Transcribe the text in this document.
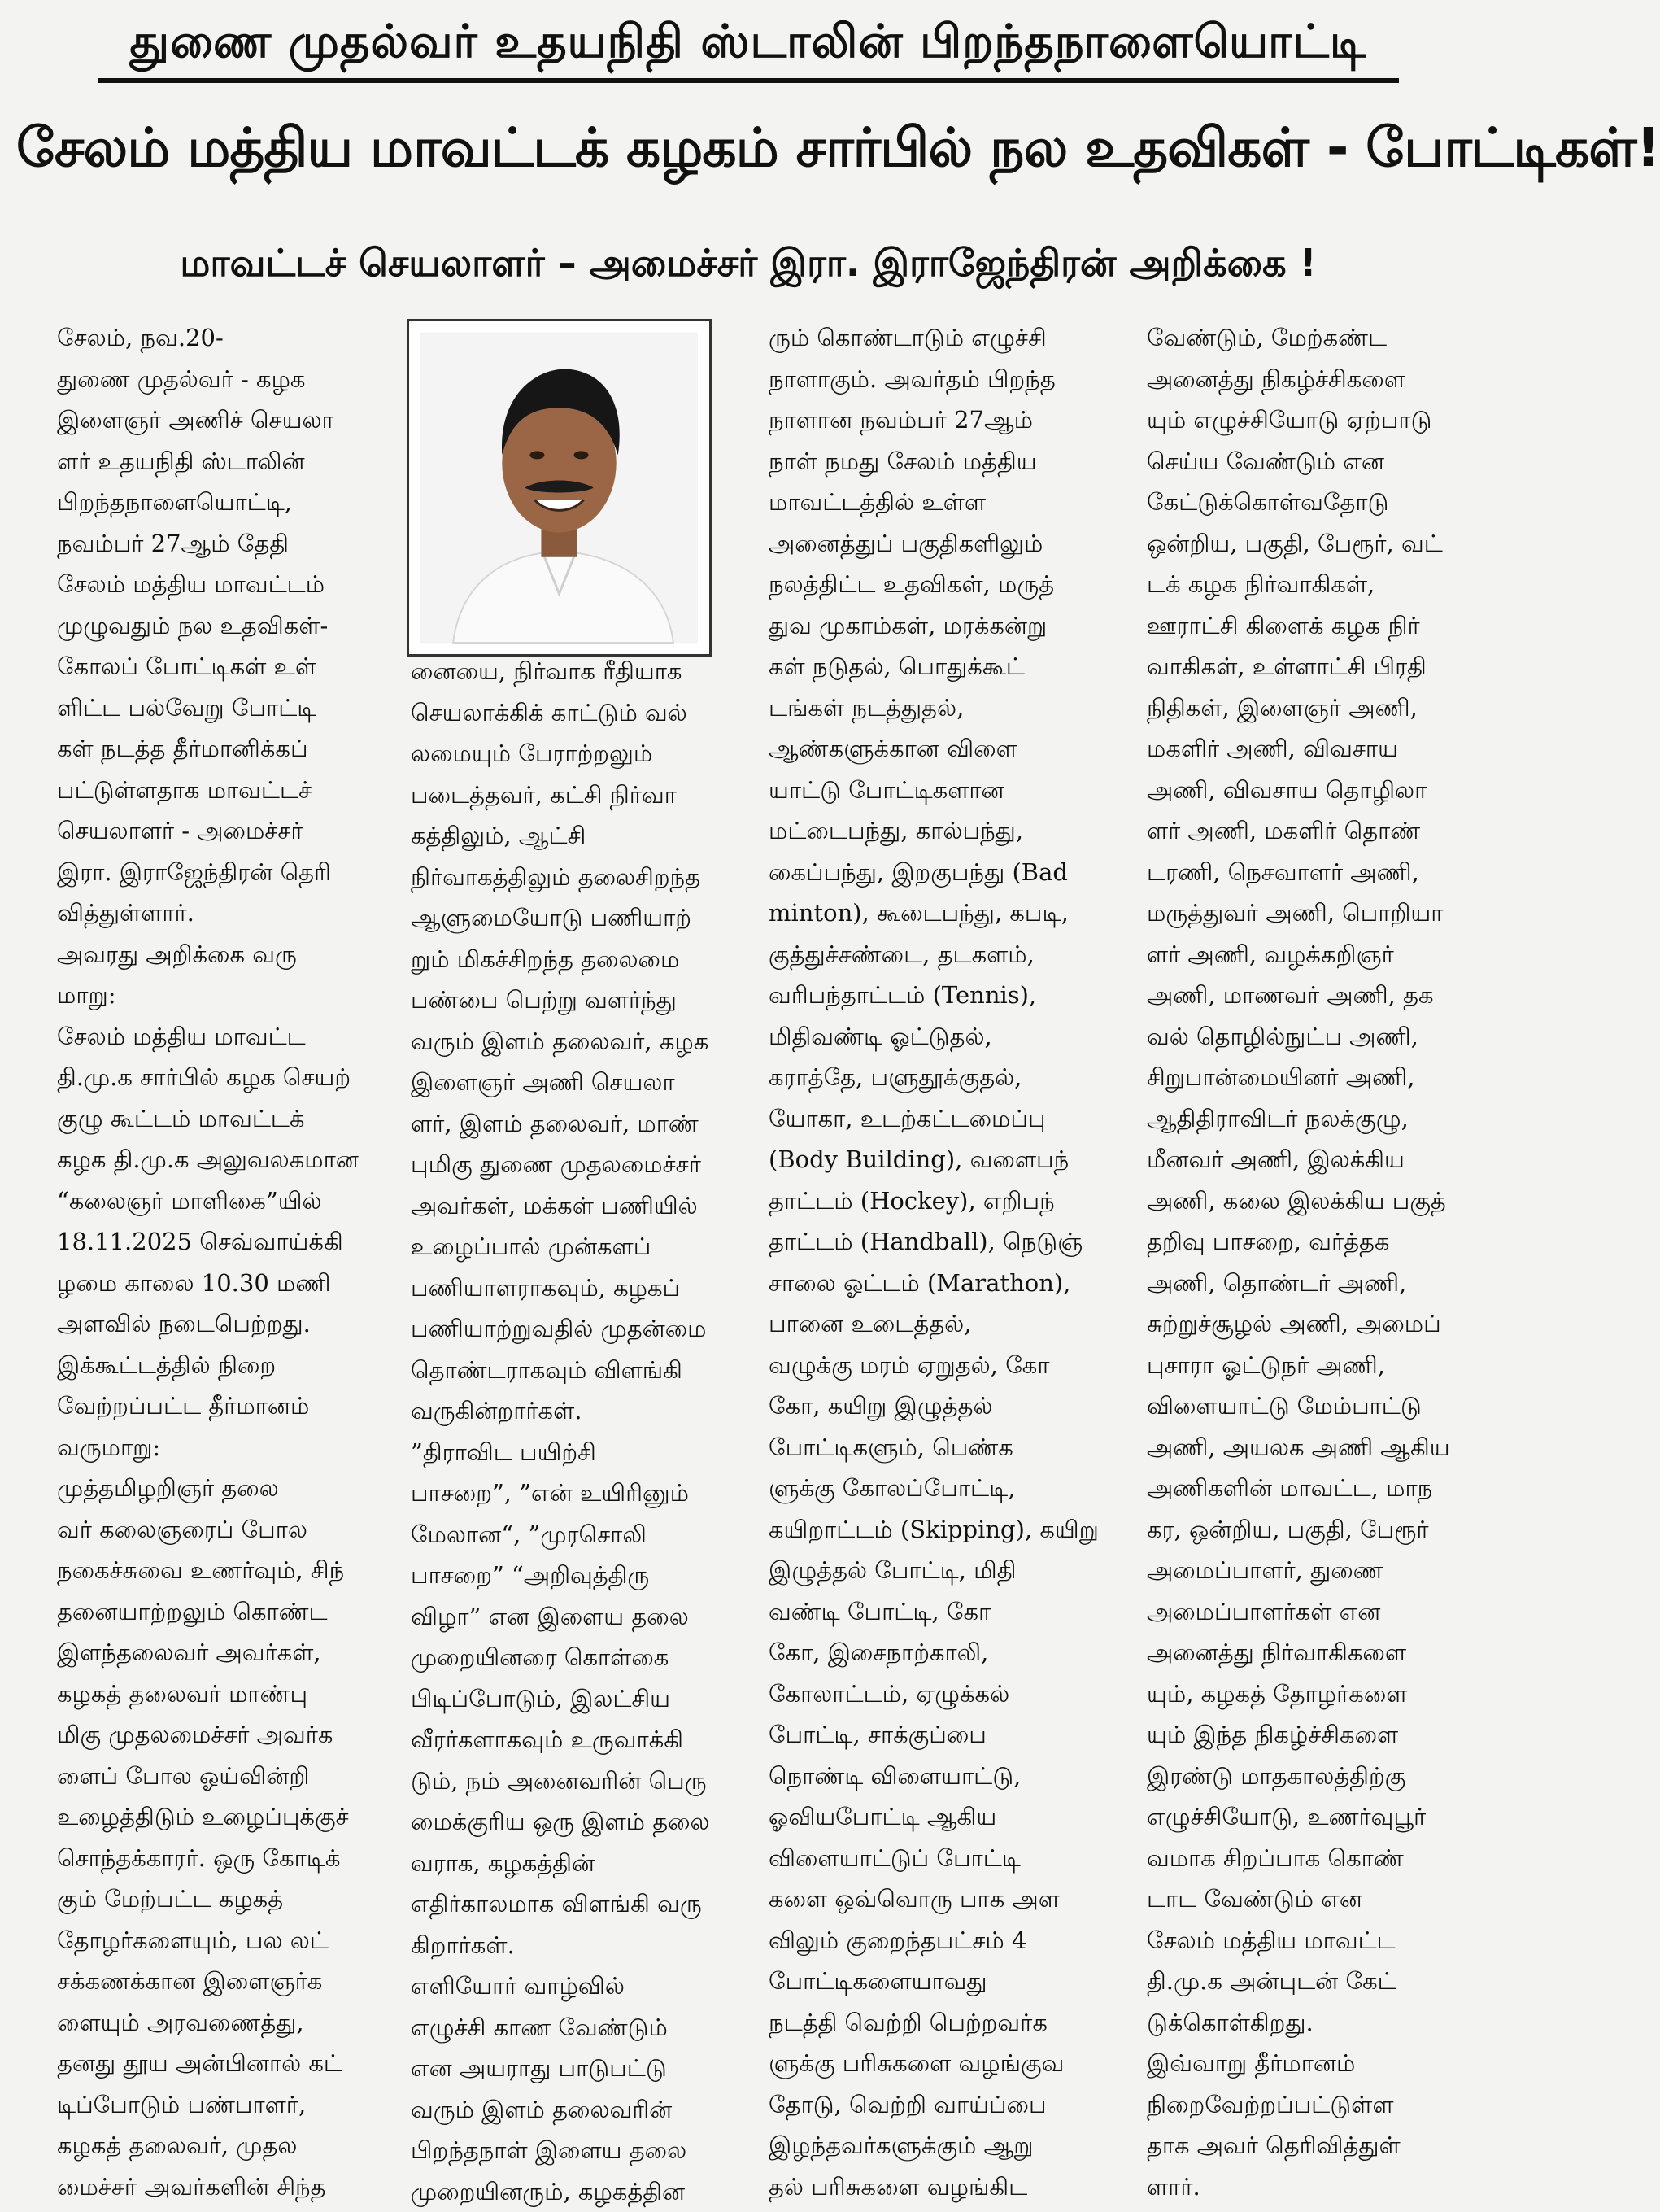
துணை முதல்வர் உதயநிதி ஸ்டாலின் பிறந்தநாளையொட்டி
சேலம் மத்திய மாவட்டக் கழகம் சார்பில் நல உதவிகள் - போட்டிகள்!
மாவட்டச் செயலாளர் – அமைச்சர் இரா. இராஜேந்திரன் அறிக்கை !
சேலம், நவ.20-
துணை முதல்வர் - கழக
இளைஞர் அணிச் செயலா
ளர் உதயநிதி ஸ்டாலின்
பிறந்தநாளையொட்டி,
நவம்பர் 27ஆம் தேதி
சேலம் மத்திய மாவட்டம்
முழுவதும் நல உதவிகள்-
கோலப் போட்டிகள் உள்
ளிட்ட பல்வேறு போட்டி
கள் நடத்த தீர்மானிக்கப்
பட்டுள்ளதாக மாவட்டச்
செயலாளர் - அமைச்சர்
இரா. இராஜேந்திரன் தெரி
வித்துள்ளார்.
அவரது அறிக்கை வரு
மாறு:
சேலம் மத்திய மாவட்ட
தி.மு.க சார்பில் கழக செயற்
குழு கூட்டம் மாவட்டக்
கழக தி.மு.க அலுவலகமான
“கலைஞர் மாளிகை”யில்
18.11.2025 செவ்வாய்க்கி
ழமை காலை 10.30 மணி
அளவில் நடைபெற்றது.
இக்கூட்டத்தில் நிறை
வேற்றப்பட்ட தீர்மானம்
வருமாறு:
முத்தமிழறிஞர் தலை
வர் கலைஞரைப் போல
நகைச்சுவை உணர்வும், சிந்
தனையாற்றலும் கொண்ட
இளந்தலைவர் அவர்கள்,
கழகத் தலைவர் மாண்பு
மிகு முதலமைச்சர் அவர்க
ளைப் போல ஓய்வின்றி
உழைத்திடும் உழைப்புக்குச்
சொந்தக்காரர். ஒரு கோடிக்
கும் மேற்பட்ட கழகத்
தோழர்களையும், பல லட்
சக்கணக்கான இளைஞர்க
ளையும் அரவணைத்து,
தனது தூய அன்பினால் கட்
டிப்போடும் பண்பாளர்,
கழகத் தலைவர், முதல
மைச்சர் அவர்களின் சிந்த
னையை, நிர்வாக ரீதியாக
செயலாக்கிக் காட்டும் வல்
லமையும் பேராற்றலும்
படைத்தவர், கட்சி நிர்வா
கத்திலும், ஆட்சி
நிர்வாகத்திலும் தலைசிறந்த
ஆளுமையோடு பணியாற்
றும் மிகச்சிறந்த தலைமை
பண்பை பெற்று வளர்ந்து
வரும் இளம் தலைவர், கழக
இளைஞர் அணி செயலா
ளர், இளம் தலைவர், மாண்
புமிகு துணை முதலமைச்சர்
அவர்கள், மக்கள் பணியில்
உழைப்பால் முன்களப்
பணியாளராகவும், கழகப்
பணியாற்றுவதில் முதன்மை
தொண்டராகவும் விளங்கி
வருகின்றார்கள்.
”திராவிட பயிற்சி
பாசறை”, ”என் உயிரினும்
மேலான“, ”முரசொலி
பாசறை” “அறிவுத்திரு
விழா” என இளைய தலை
முறையினரை கொள்கை
பிடிப்போடும், இலட்சிய
வீரர்களாகவும் உருவாக்கி
டும், நம் அனைவரின் பெரு
மைக்குரிய ஒரு இளம் தலை
வராக, கழகத்தின்
எதிர்காலமாக விளங்கி வரு
கிறார்கள்.
எளியோர் வாழ்வில்
எழுச்சி காண வேண்டும்
என அயராது பாடுபட்டு
வரும் இளம் தலைவரின்
பிறந்தநாள் இளைய தலை
முறையினரும், கழகத்தின
ரும் கொண்டாடும் எழுச்சி
நாளாகும். அவர்தம் பிறந்த
நாளான நவம்பர் 27ஆம்
நாள் நமது சேலம் மத்திய
மாவட்டத்தில் உள்ள
அனைத்துப் பகுதிகளிலும்
நலத்திட்ட உதவிகள், மருத்
துவ முகாம்கள், மரக்கன்று
கள் நடுதல், பொதுக்கூட்
டங்கள் நடத்துதல்,
ஆண்களுக்கான விளை
யாட்டு போட்டிகளான
மட்டைபந்து, கால்பந்து,
கைப்பந்து, இறகுபந்து (Bad
minton), கூடைபந்து, கபடி,
குத்துச்சண்டை, தடகளம்,
வரிபந்தாட்டம் (Tennis),
மிதிவண்டி ஓட்டுதல்,
கராத்தே, பளுதூக்குதல்,
யோகா, உடற்கட்டமைப்பு
(Body Building), வளைபந்
தாட்டம் (Hockey), எறிபந்
தாட்டம் (Handball), நெடுஞ்
சாலை ஓட்டம் (Marathon),
பானை உடைத்தல்,
வழுக்கு மரம் ஏறுதல், கோ
கோ, கயிறு இழுத்தல்
போட்டிகளும், பெண்க
ளுக்கு கோலப்போட்டி,
கயிறாட்டம் (Skipping), கயிறு
இழுத்தல் போட்டி, மிதி
வண்டி போட்டி, கோ
கோ, இசைநாற்காலி,
கோலாட்டம், ஏழுக்கல்
போட்டி, சாக்குப்பை
நொண்டி விளையாட்டு,
ஓவியபோட்டி ஆகிய
விளையாட்டுப் போட்டி
களை ஒவ்வொரு பாக அள
விலும் குறைந்தபட்சம் 4
போட்டிகளையாவது
நடத்தி வெற்றி பெற்றவர்க
ளுக்கு பரிசுகளை வழங்குவ
தோடு, வெற்றி வாய்ப்பை
இழந்தவர்களுக்கும் ஆறு
தல் பரிசுகளை வழங்கிட
வேண்டும், மேற்கண்ட
அனைத்து நிகழ்ச்சிகளை
யும் எழுச்சியோடு ஏற்பாடு
செய்ய வேண்டும் என
கேட்டுக்கொள்வதோடு
ஒன்றிய, பகுதி, பேரூர், வட்
டக் கழக நிர்வாகிகள்,
ஊராட்சி கிளைக் கழக நிர்
வாகிகள், உள்ளாட்சி பிரதி
நிதிகள், இளைஞர் அணி,
மகளிர் அணி, விவசாய
அணி, விவசாய தொழிலா
ளர் அணி, மகளிர் தொண்
டரணி, நெசவாளர் அணி,
மருத்துவர் அணி, பொறியா
ளர் அணி, வழக்கறிஞர்
அணி, மாணவர் அணி, தக
வல் தொழில்நுட்ப அணி,
சிறுபான்மையினர் அணி,
ஆதிதிராவிடர் நலக்குழு,
மீனவர் அணி, இலக்கிய
அணி, கலை இலக்கிய பகுத்
தறிவு பாசறை, வர்த்தக
அணி, தொண்டர் அணி,
சுற்றுச்சூழல் அணி, அமைப்
புசாரா ஓட்டுநர் அணி,
விளையாட்டு மேம்பாட்டு
அணி, அயலக அணி ஆகிய
அணிகளின் மாவட்ட, மாந
கர, ஒன்றிய, பகுதி, பேரூர்
அமைப்பாளர், துணை
அமைப்பாளர்கள் என
அனைத்து நிர்வாகிகளை
யும், கழகத் தோழர்களை
யும் இந்த நிகழ்ச்சிகளை
இரண்டு மாதகாலத்திற்கு
எழுச்சியோடு, உணர்வுபூர்
வமாக சிறப்பாக கொண்
டாட வேண்டும் என
சேலம் மத்திய மாவட்ட
தி.மு.க அன்புடன் கேட்
டுக்கொள்கிறது.
இவ்வாறு தீர்மானம்
நிறைவேற்றப்பட்டுள்ள
தாக அவர் தெரிவித்துள்
ளார்.
